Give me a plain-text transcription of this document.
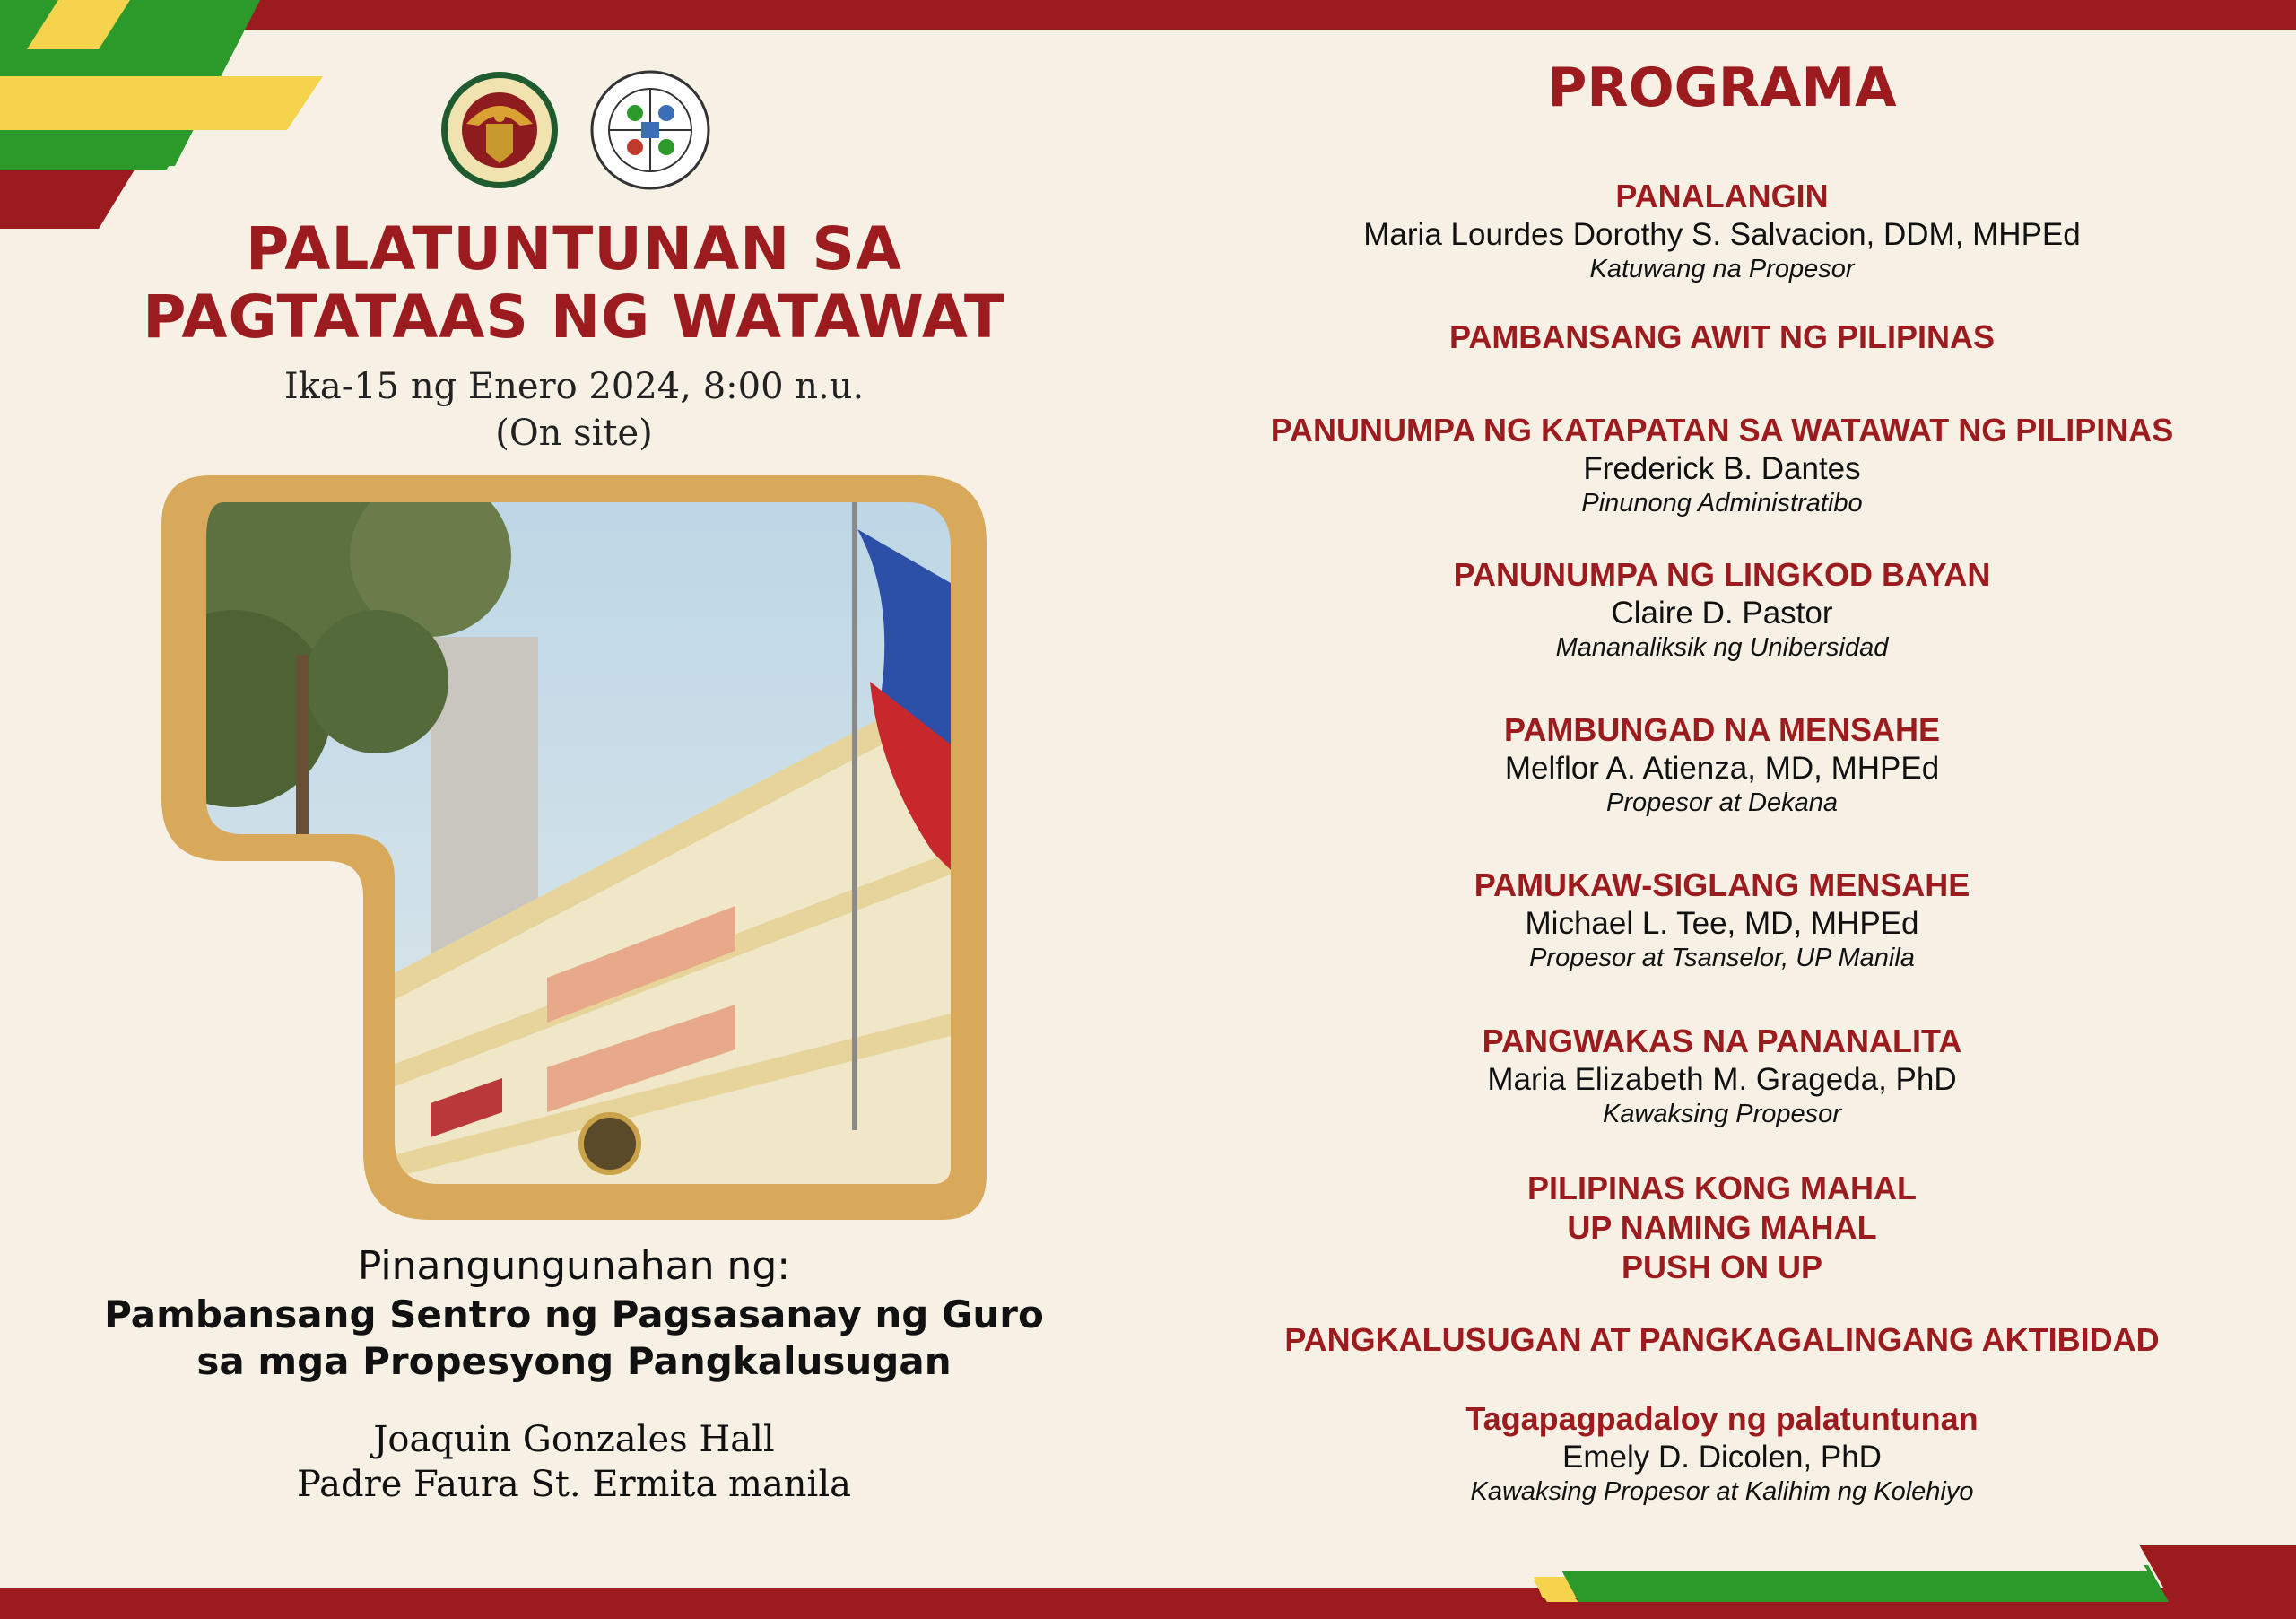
PALATUNTUNAN SA
PAGTATAAS NG WATAWAT
Ika-15 ng Enero 2024, 8:00 n.u.
(On site)
Pinangungunahan ng:
Pambansang Sentro ng Pagsasanay ng Guro
sa mga Propesyong Pangkalusugan
Joaquin Gonzales Hall
Padre Faura St. Ermita manila
PROGRAMA
PANALANGIN
Maria Lourdes Dorothy S. Salvacion, DDM, MHPEd
Katuwang na Propesor
PAMBANSANG AWIT NG PILIPINAS
PANUNUMPA NG KATAPATAN SA WATAWAT NG PILIPINAS
Frederick B. Dantes
Pinunong Administratibo
PANUNUMPA NG LINGKOD BAYAN
Claire D. Pastor
Mananaliksik ng Unibersidad
PAMBUNGAD NA MENSAHE
Melflor A. Atienza, MD, MHPEd
Propesor at Dekana
PAMUKAW-SIGLANG MENSAHE
Michael L. Tee, MD, MHPEd
Propesor at Tsanselor, UP Manila
PANGWAKAS NA PANANALITA
Maria Elizabeth M. Grageda, PhD
Kawaksing Propesor
PILIPINAS KONG MAHAL
UP NAMING MAHAL
PUSH ON UP
PANGKALUSUGAN AT PANGKAGALINGANG AKTIBIDAD
Tagapagpadaloy ng palatuntunan
Emely D. Dicolen, PhD
Kawaksing Propesor at Kalihim ng Kolehiyo
